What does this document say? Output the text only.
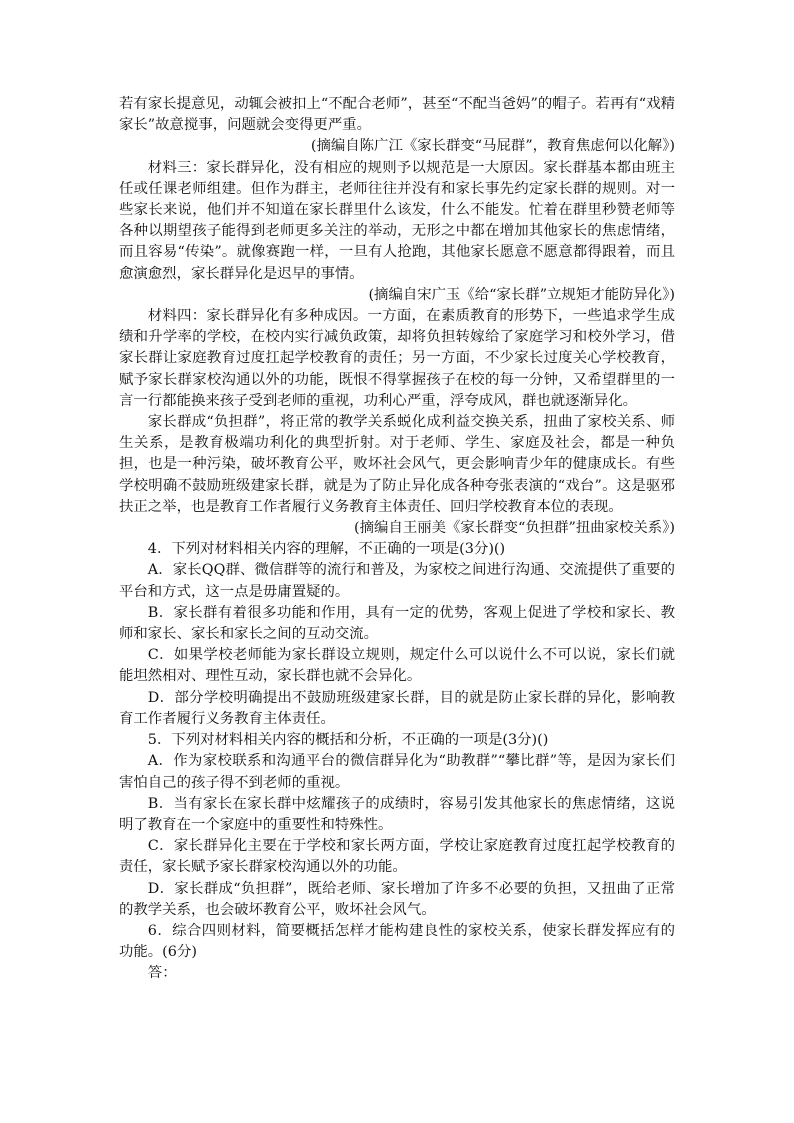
若有家长提意见，动辄会被扣上“不配合老师”，甚至“不配当爸妈”的帽子。若再有“戏精家长”故意搅事，问题就会变得更严重。

(摘编自陈广江《家长群变“马屁群”，教育焦虑何以化解》)

材料三：家长群异化，没有相应的规则予以规范是一大原因。家长群基本都由班主任或任课老师组建。但作为群主，老师往往并没有和家长事先约定家长群的规则。对一些家长来说，他们并不知道在家长群里什么该发，什么不能发。忙着在群里秒赞老师等各种以期望孩子能得到老师更多关注的举动，无形之中都在增加其他家长的焦虑情绪，而且容易“传染”。就像赛跑一样，一旦有人抢跑，其他家长愿意不愿意都得跟着，而且愈演愈烈，家长群异化是迟早的事情。

(摘编自宋广玉《给“家长群”立规矩才能防异化》)

材料四：家长群异化有多种成因。一方面，在素质教育的形势下，一些追求学生成绩和升学率的学校，在校内实行减负政策，却将负担转嫁给了家庭学习和校外学习，借家长群让家庭教育过度扛起学校教育的责任；另一方面，不少家长过度关心学校教育，赋予家长群家校沟通以外的功能，既恨不得掌握孩子在校的每一分钟，又希望群里的一言一行都能换来孩子受到老师的重视，功利心严重，浮夸成风，群也就逐渐异化。

家长群成“负担群”，将正常的教学关系蜕化成利益交换关系，扭曲了家校关系、师生关系，是教育极端功利化的典型折射。对于老师、学生、家庭及社会，都是一种负担，也是一种污染，破坏教育公平，败坏社会风气，更会影响青少年的健康成长。有些学校明确不鼓励班级建家长群，就是为了防止异化成各种夸张表演的“戏台”。这是驱邪扶正之举，也是教育工作者履行义务教育主体责任、回归学校教育本位的表现。

(摘编自王丽美《家长群变“负担群”扭曲家校关系》)

4．下列对材料相关内容的理解，不正确的一项是(3分)()

A．家长QQ群、微信群等的流行和普及，为家校之间进行沟通、交流提供了重要的平台和方式，这一点是毋庸置疑的。

B．家长群有着很多功能和作用，具有一定的优势，客观上促进了学校和家长、教师和家长、家长和家长之间的互动交流。

C．如果学校老师能为家长群设立规则，规定什么可以说什么不可以说，家长们就能坦然相对、理性互动，家长群也就不会异化。

D．部分学校明确提出不鼓励班级建家长群，目的就是防止家长群的异化，影响教育工作者履行义务教育主体责任。

5．下列对材料相关内容的概括和分析，不正确的一项是(3分)()

A．作为家校联系和沟通平台的微信群异化为“助教群”“攀比群”等，是因为家长们害怕自己的孩子得不到老师的重视。

B．当有家长在家长群中炫耀孩子的成绩时，容易引发其他家长的焦虑情绪，这说明了教育在一个家庭中的重要性和特殊性。

C．家长群异化主要在于学校和家长两方面，学校让家庭教育过度扛起学校教育的责任，家长赋予家长群家校沟通以外的功能。

D．家长群成“负担群”，既给老师、家长增加了许多不必要的负担，又扭曲了正常的教学关系，也会破坏教育公平，败坏社会风气。

6．综合四则材料，简要概括怎样才能构建良性的家校关系，使家长群发挥应有的功能。(6分)

答：
